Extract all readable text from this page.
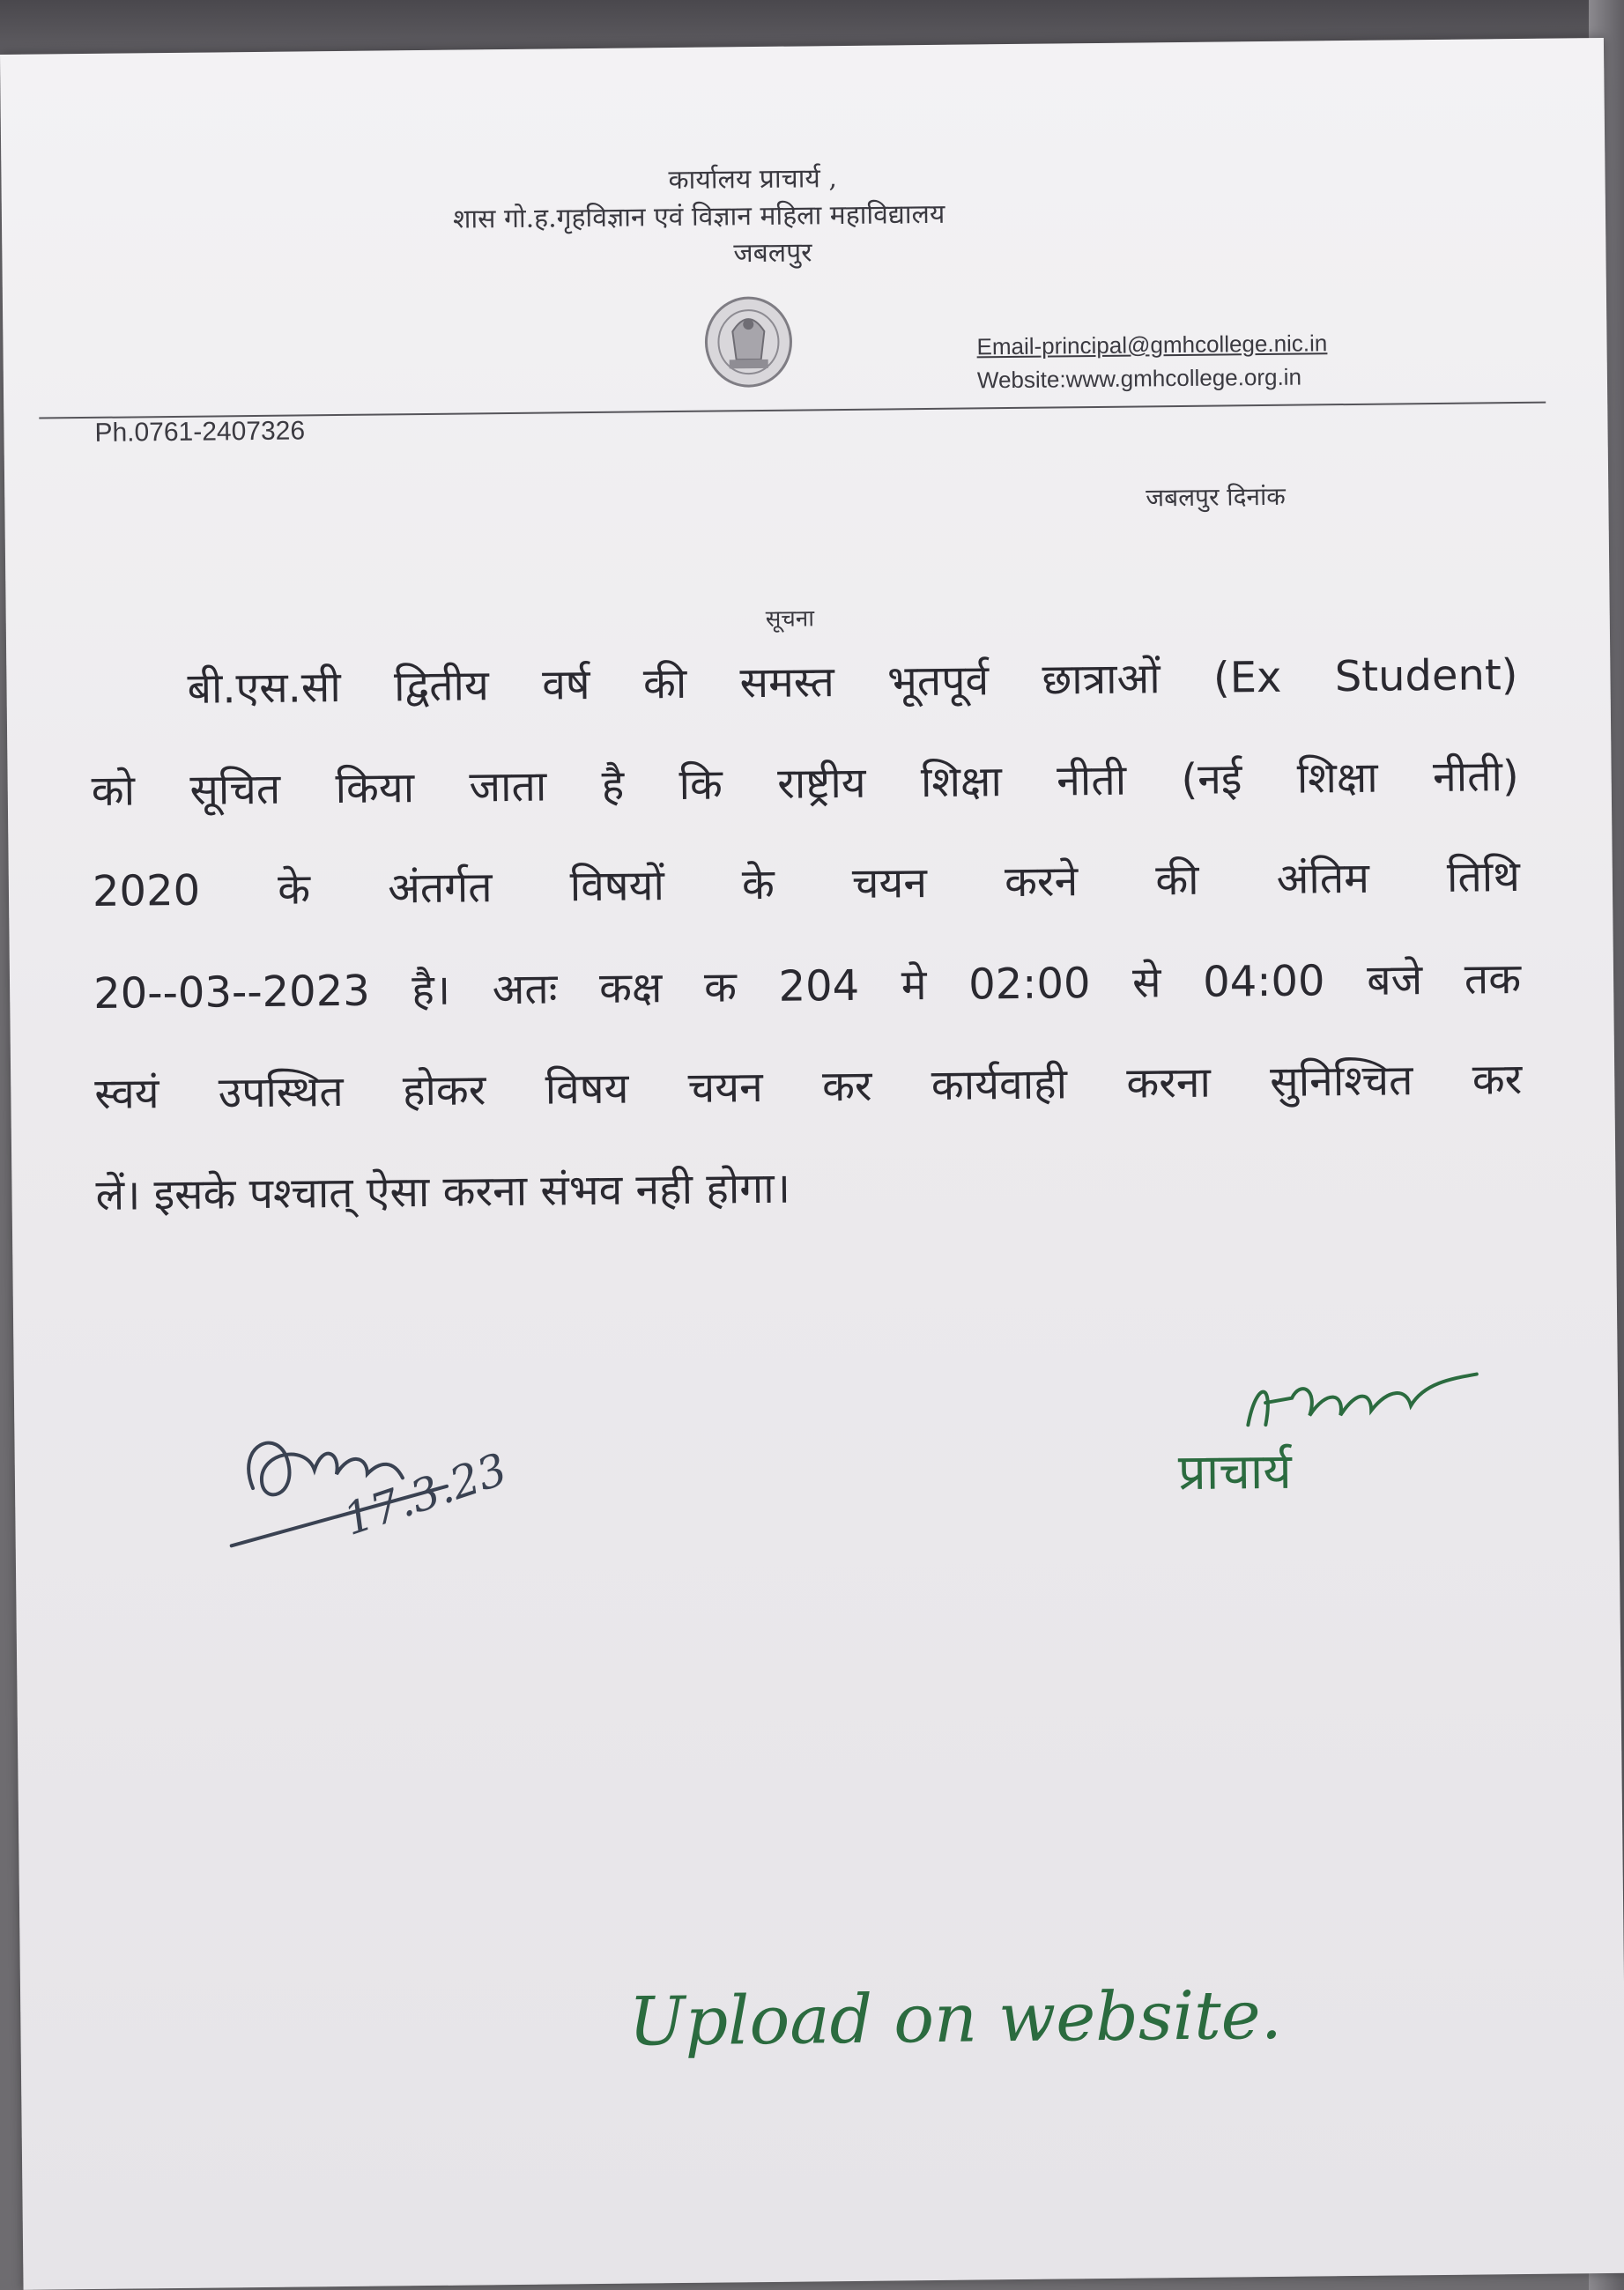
कार्यालय प्राचार्य ,
शास गो.ह.गृहविज्ञान एवं विज्ञान महिला महाविद्यालय
जबलपुर
Email-principal@gmhcollege.nic.in
Website:www.gmhcollege.org.in
Ph.0761-2407326
जबलपुर दिनांक
सूचना
बी.एस.सी द्वितीय वर्ष की समस्त भूतपूर्व छात्राओं (Ex Student)
को सूचित किया जाता है कि राष्ट्रीय शिक्षा नीती (नई शिक्षा नीती)
2020 के अंतर्गत विषयों के चयन करने की अंतिम तिथि
20--03--2023 है। अतः कक्ष क 204 मे 02:00 से 04:00 बजे तक
स्वयं उपस्थित होकर विषय चयन कर कार्यवाही करना सुनिश्चित कर
लें। इसके पश्चात् ऐसा करना संभव नही होगा।
17.3.23	प्राचार्य
Upload on website.
